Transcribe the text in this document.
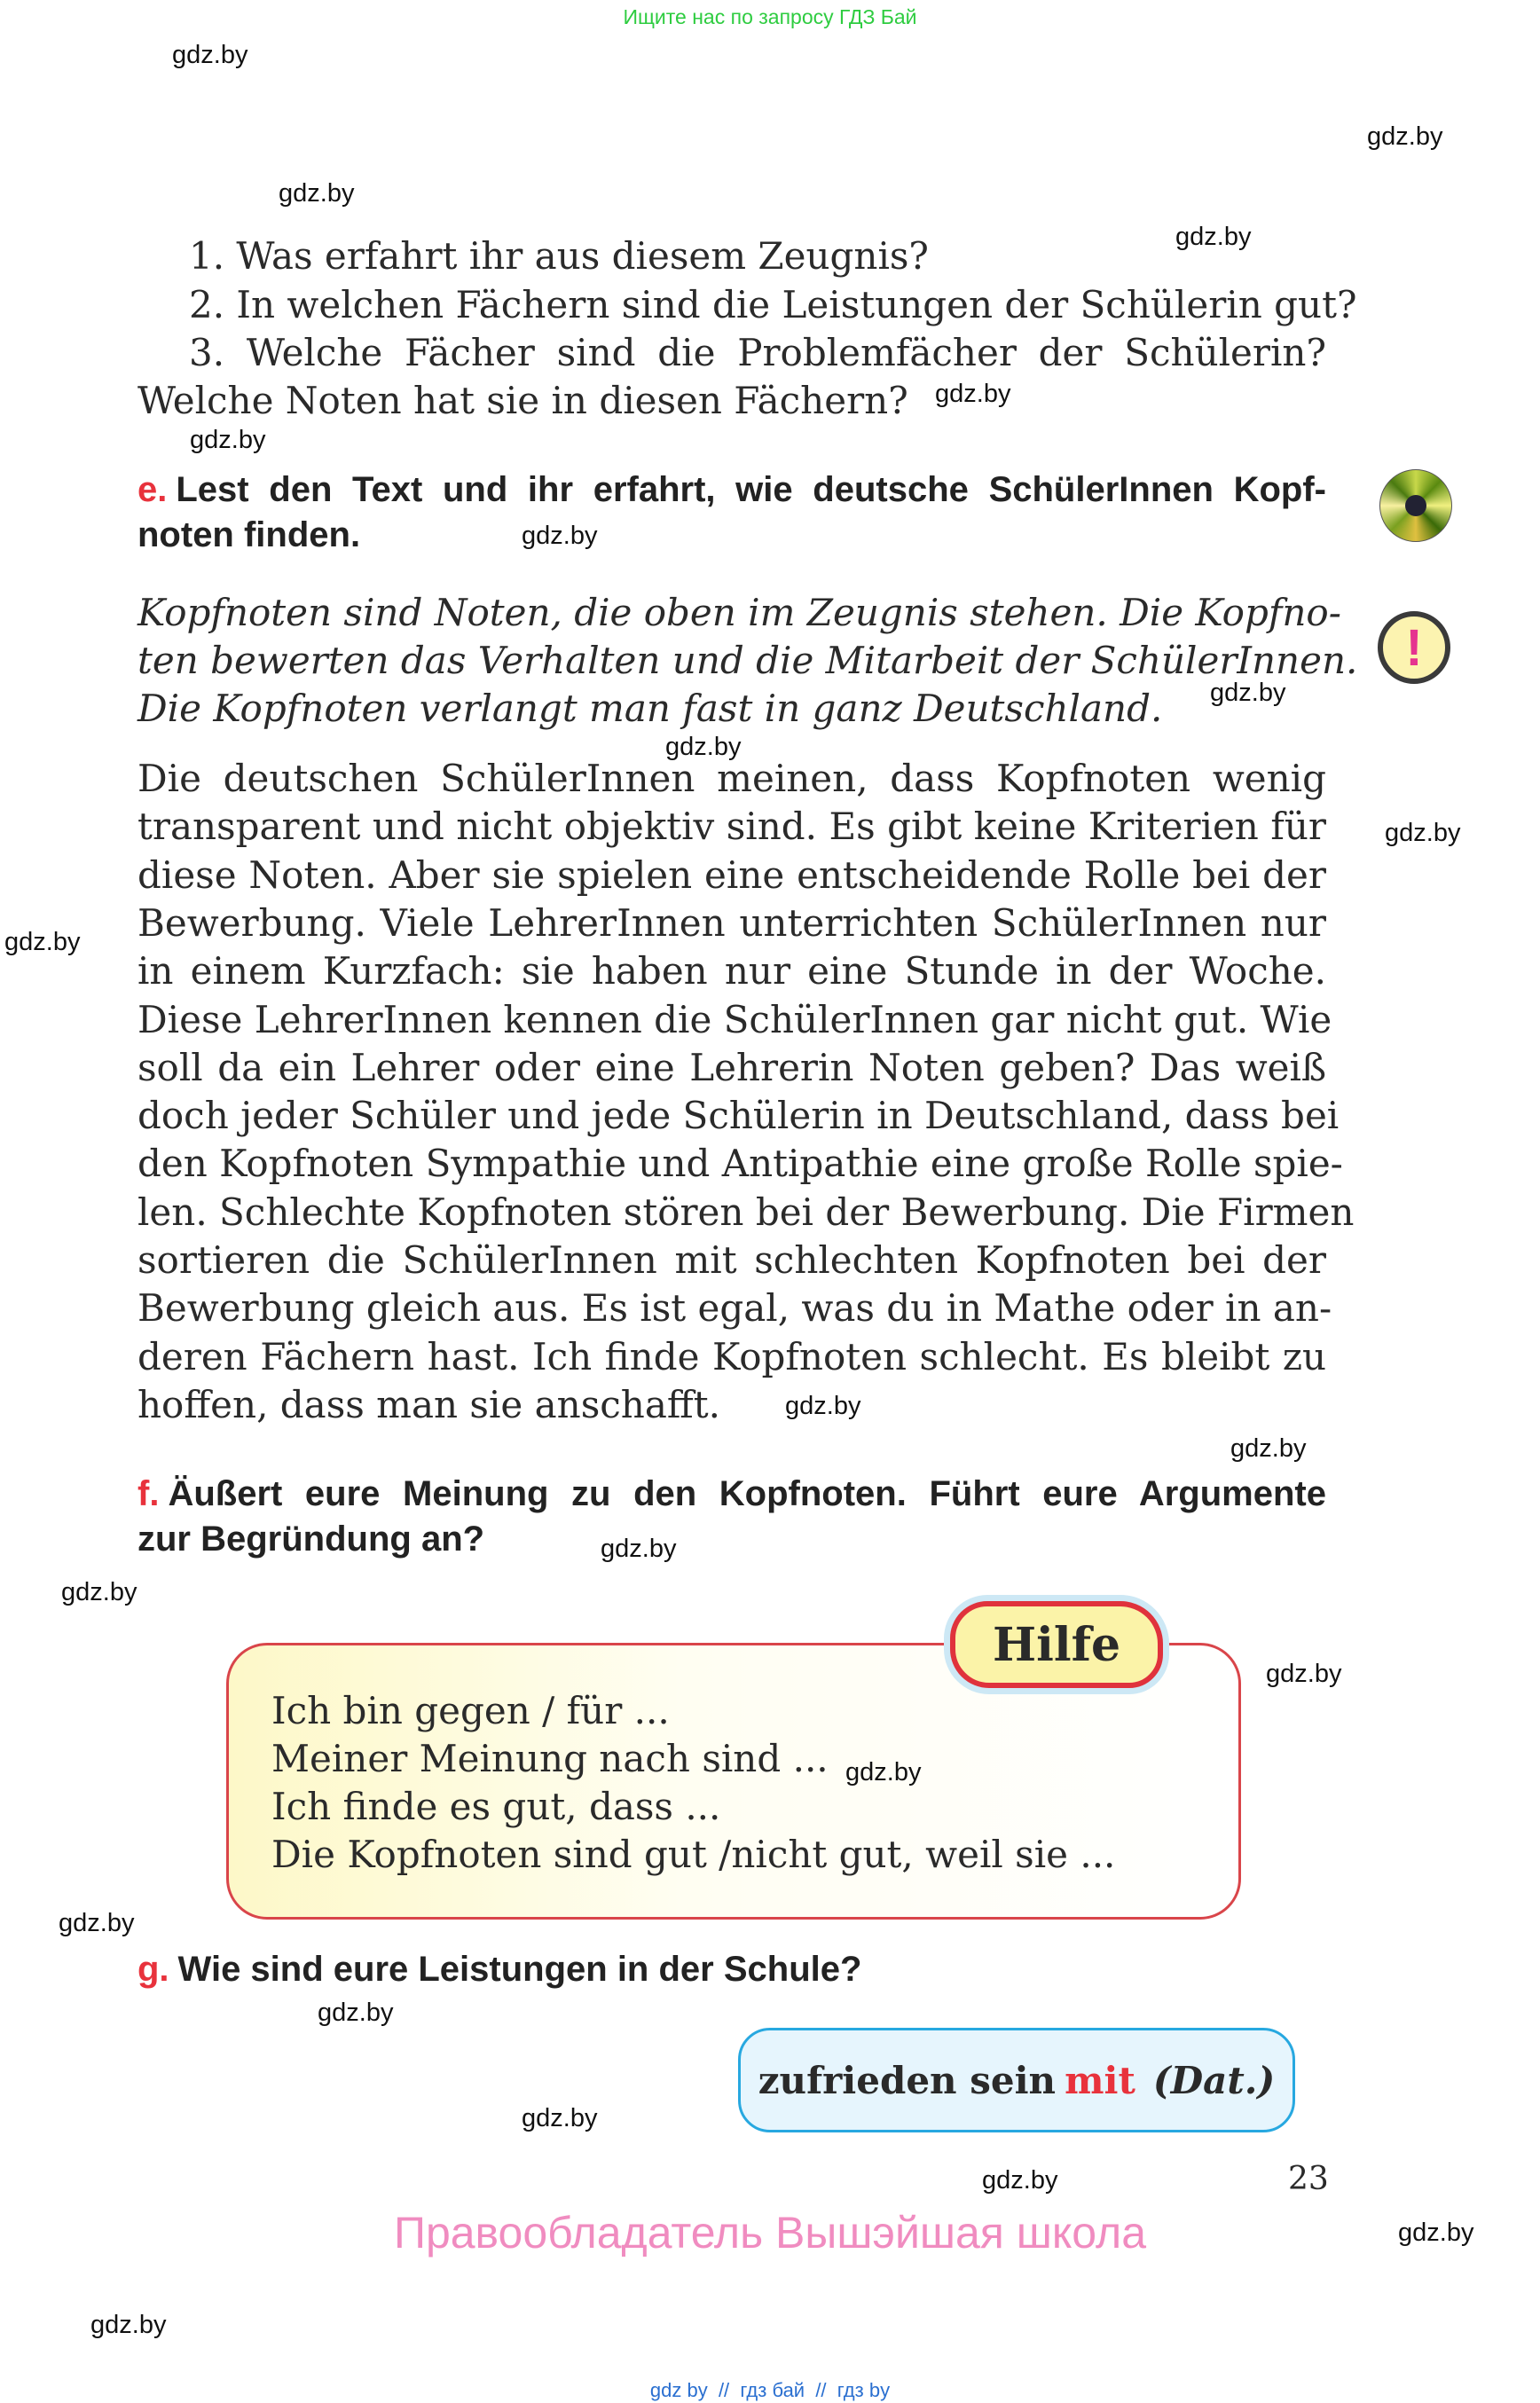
Ищите нас по запросу ГДЗ Бай
1. Was erfahrt ihr aus diesem Zeugnis?
2. In welchen Fächern sind die Leistungen der Schülerin gut?
3. Welche Fächer sind die Problemfächer der Schülerin?
Welche Noten hat sie in diesen Fächern?
e. Lest den Text und ihr erfahrt, wie deutsche SchülerInnen Kopf-
noten finden.
!
Kopfnoten sind Noten, die oben im Zeugnis stehen. Die Kopfno-
ten bewerten das Verhalten und die Mitarbeit der SchülerInnen.
Die Kopfnoten verlangt man fast in ganz Deutschland.
Die deutschen SchülerInnen meinen, dass Kopfnoten wenig
transparent und nicht objektiv sind. Es gibt keine Kriterien für
diese Noten. Aber sie spielen eine entscheidende Rolle bei der
Bewerbung. Viele LehrerInnen unterrichten SchülerInnen nur
in einem Kurzfach: sie haben nur eine Stunde in der Woche.
Diese LehrerInnen kennen die SchülerInnen gar nicht gut. Wie
soll da ein Lehrer oder eine Lehrerin Noten geben? Das weiß
doch jeder Schüler und jede Schülerin in Deutschland, dass bei
den Kopfnoten Sympathie und Antipathie eine große Rolle spie-
len. Schlechte Kopfnoten stören bei der Bewerbung. Die Firmen
sortieren die SchülerInnen mit schlechten Kopfnoten bei der
Bewerbung gleich aus. Es ist egal, was du in Mathe oder in an-
deren Fächern hast. Ich finde Kopfnoten schlecht. Es bleibt zu
hoffen, dass man sie anschafft.
f. Äußert eure Meinung zu den Kopfnoten. Führt eure Argumente
zur Begründung an?
Ich bin gegen / für ...
Meiner Meinung nach sind ...
Ich finde es gut, dass ...
Die Kopfnoten sind gut /nicht gut, weil sie ...
Hilfe
g. Wie sind eure Leistungen in der Schule?
zufrieden sein mit (Dat.)
23
Правообладатель Вышэйшая школа
gdz by  //  гдз бай  //  гдз by
gdz.by
gdz.by
gdz.by
gdz.by
gdz.by
gdz.by
gdz.by
gdz.by
gdz.by
gdz.by
gdz.by
gdz.by
gdz.by
gdz.by
gdz.by
gdz.by
gdz.by
gdz.by
gdz.by
gdz.by
gdz.by
gdz.by
gdz.by
